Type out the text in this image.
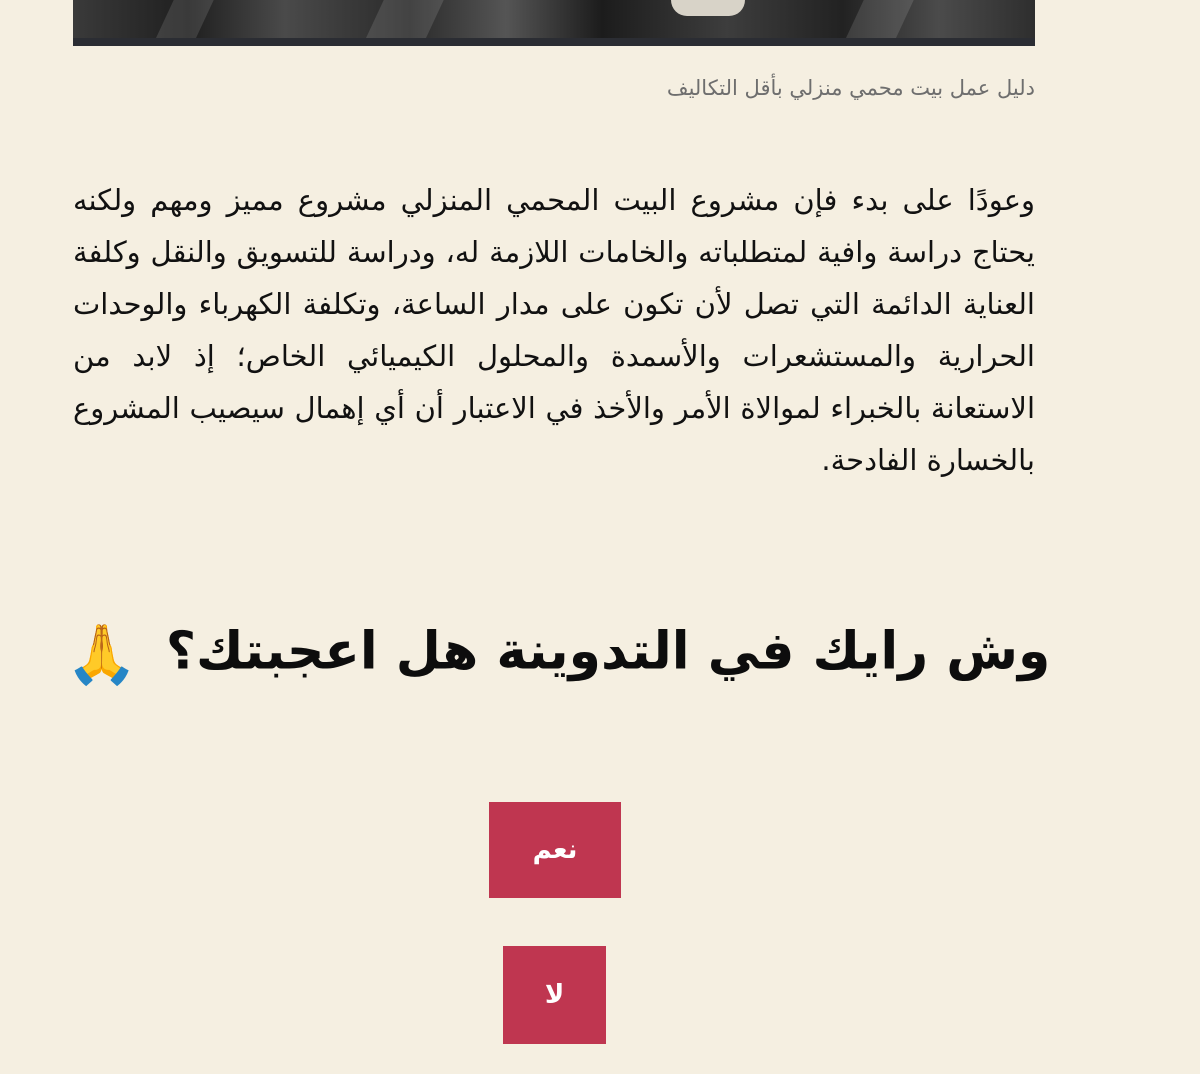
دليل عمل بيت محمي منزلي بأقل التكاليف

وعودًا على بدء فإن مشروع البيت المحمي المنزلي مشروع مميز ومهم ولكنه يحتاج دراسة وافية لمتطلباته والخامات اللازمة له، ودراسة للتسويق والنقل وكلفة العناية الدائمة التي تصل لأن تكون على مدار الساعة، وتكلفة الكهرباء والوحدات الحرارية والمستشعرات والأسمدة والمحلول الكيميائي الخاص؛ إذ لابد من الاستعانة بالخبراء لموالاة الأمر والأخذ في الاعتبار أن أي إهمال سيصيب المشروع بالخسارة الفادحة.

وش رايك في التدوينة هل اعجبتك؟🙏
نعم
لا
